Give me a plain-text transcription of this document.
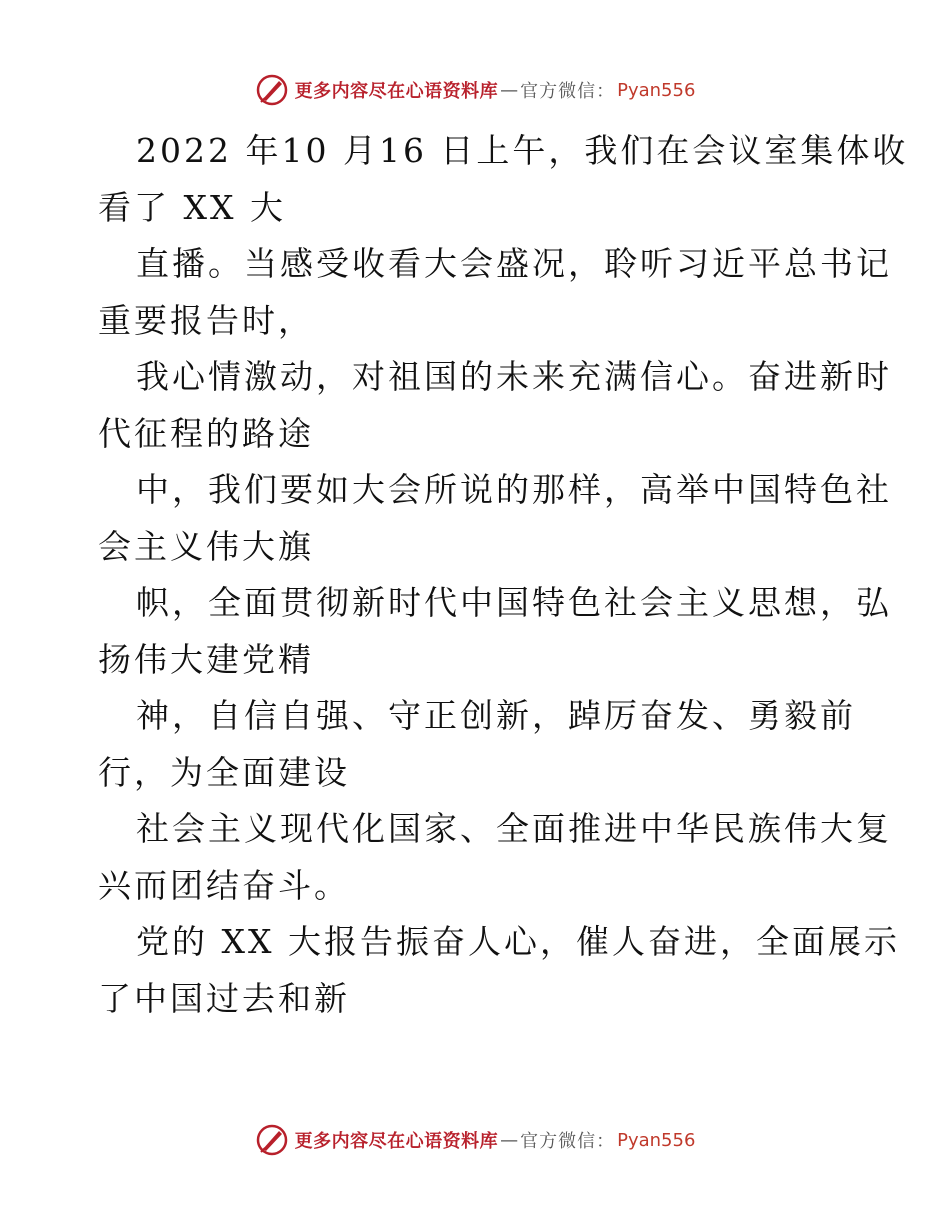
更多内容尽在心语资料库 — 官方微信： Pyan556
2022 年10 月16 日上午，我们在会议室集体收
看了 XX 大
直播。当感受收看大会盛况，聆听习近平总书记
重要报告时，
我心情激动，对祖国的未来充满信心。奋进新时
代征程的路途
中，我们要如大会所说的那样，高举中国特色社
会主义伟大旗
帜，全面贯彻新时代中国特色社会主义思想，弘
扬伟大建党精
神，自信自强、守正创新，踔厉奋发、勇毅前
行，为全面建设
社会主义现代化国家、全面推进中华民族伟大复
兴而团结奋斗。
党的 XX 大报告振奋人心，催人奋进，全面展示
了中国过去和新
更多内容尽在心语资料库 — 官方微信： Pyan556
